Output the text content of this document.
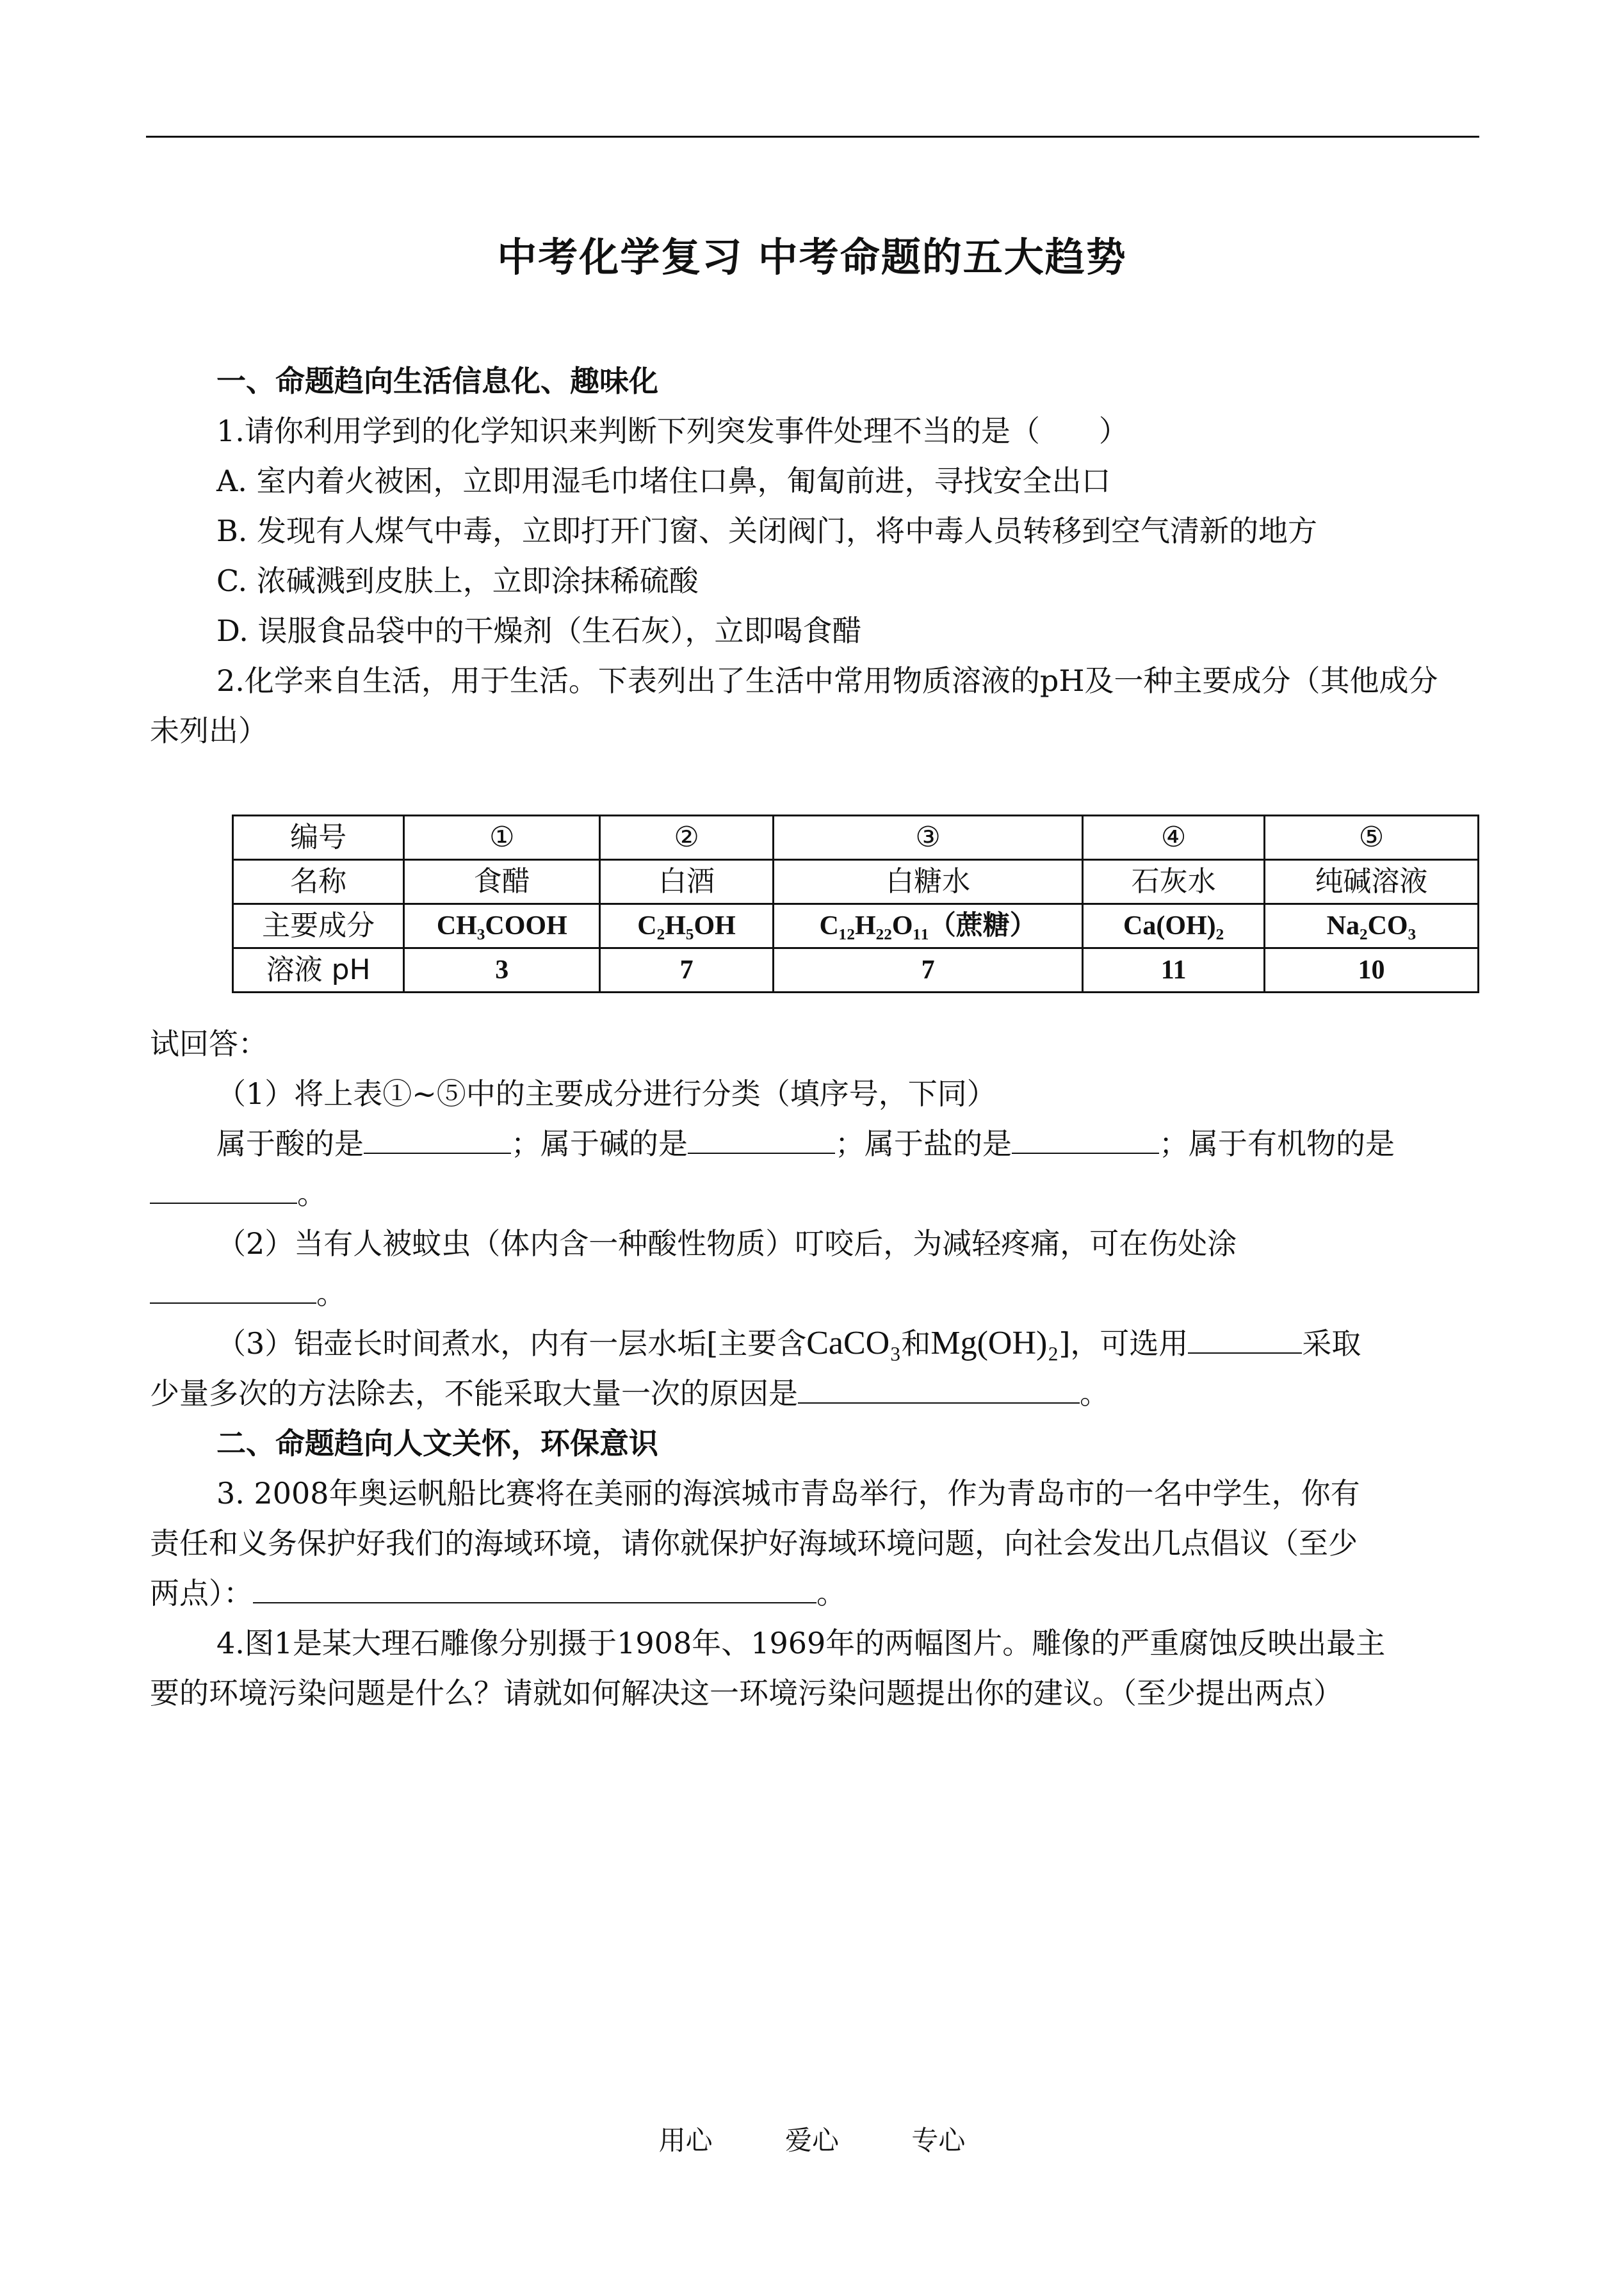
中考化学复习 中考命题的五大趋势

一、命题趋向生活信息化、趣味化

1.请你利用学到的化学知识来判断下列突发事件处理不当的是（　　）

A. 室内着火被困，立即用湿毛巾堵住口鼻，匍匐前进，寻找安全出口

B. 发现有人煤气中毒，立即打开门窗、关闭阀门，将中毒人员转移到空气清新的地方

C. 浓碱溅到皮肤上，立即涂抹稀硫酸

D. 误服食品袋中的干燥剂（生石灰），立即喝食醋

2.化学来自生活，用于生活。下表列出了生活中常用物质溶液的pH及一种主要成分（其他成分

未列出）

编号	①	②	③	④	⑤
名称	食醋	白酒	白糖水	石灰水	纯碱溶液
主要成分	CH₃COOH	C₂H₅OH	C₁₂H₂₂O₁₁（蔗糖）	Ca(OH)₂	Na₂CO₃
溶液 pH	3	7	7	11	10

试回答：

（1）将上表①~⑤中的主要成分进行分类（填序号，下同）

属于酸的是	；属于碱的是	；属于盐的是	；属于有机物的是

。

（2）当有人被蚊虫（体内含一种酸性物质）叮咬后，为减轻疼痛，可在伤处涂

。

（3）铝壶长时间煮水，内有一层水垢[主要含CaCO₃和Mg(OH)₂]，可选用	采取

少量多次的方法除去，不能采取大量一次的原因是	。

二、命题趋向人文关怀，环保意识

3. 2008年奥运帆船比赛将在美丽的海滨城市青岛举行，作为青岛市的一名中学生，你有

责任和义务保护好我们的海域环境，请你就保护好海域环境问题，向社会发出几点倡议（至少

两点）：	。

4.图1是某大理石雕像分别摄于1908年、1969年的两幅图片。雕像的严重腐蚀反映出最主

要的环境污染问题是什么？请就如何解决这一环境污染问题提出你的建议。（至少提出两点）

用心	爱心	专心
